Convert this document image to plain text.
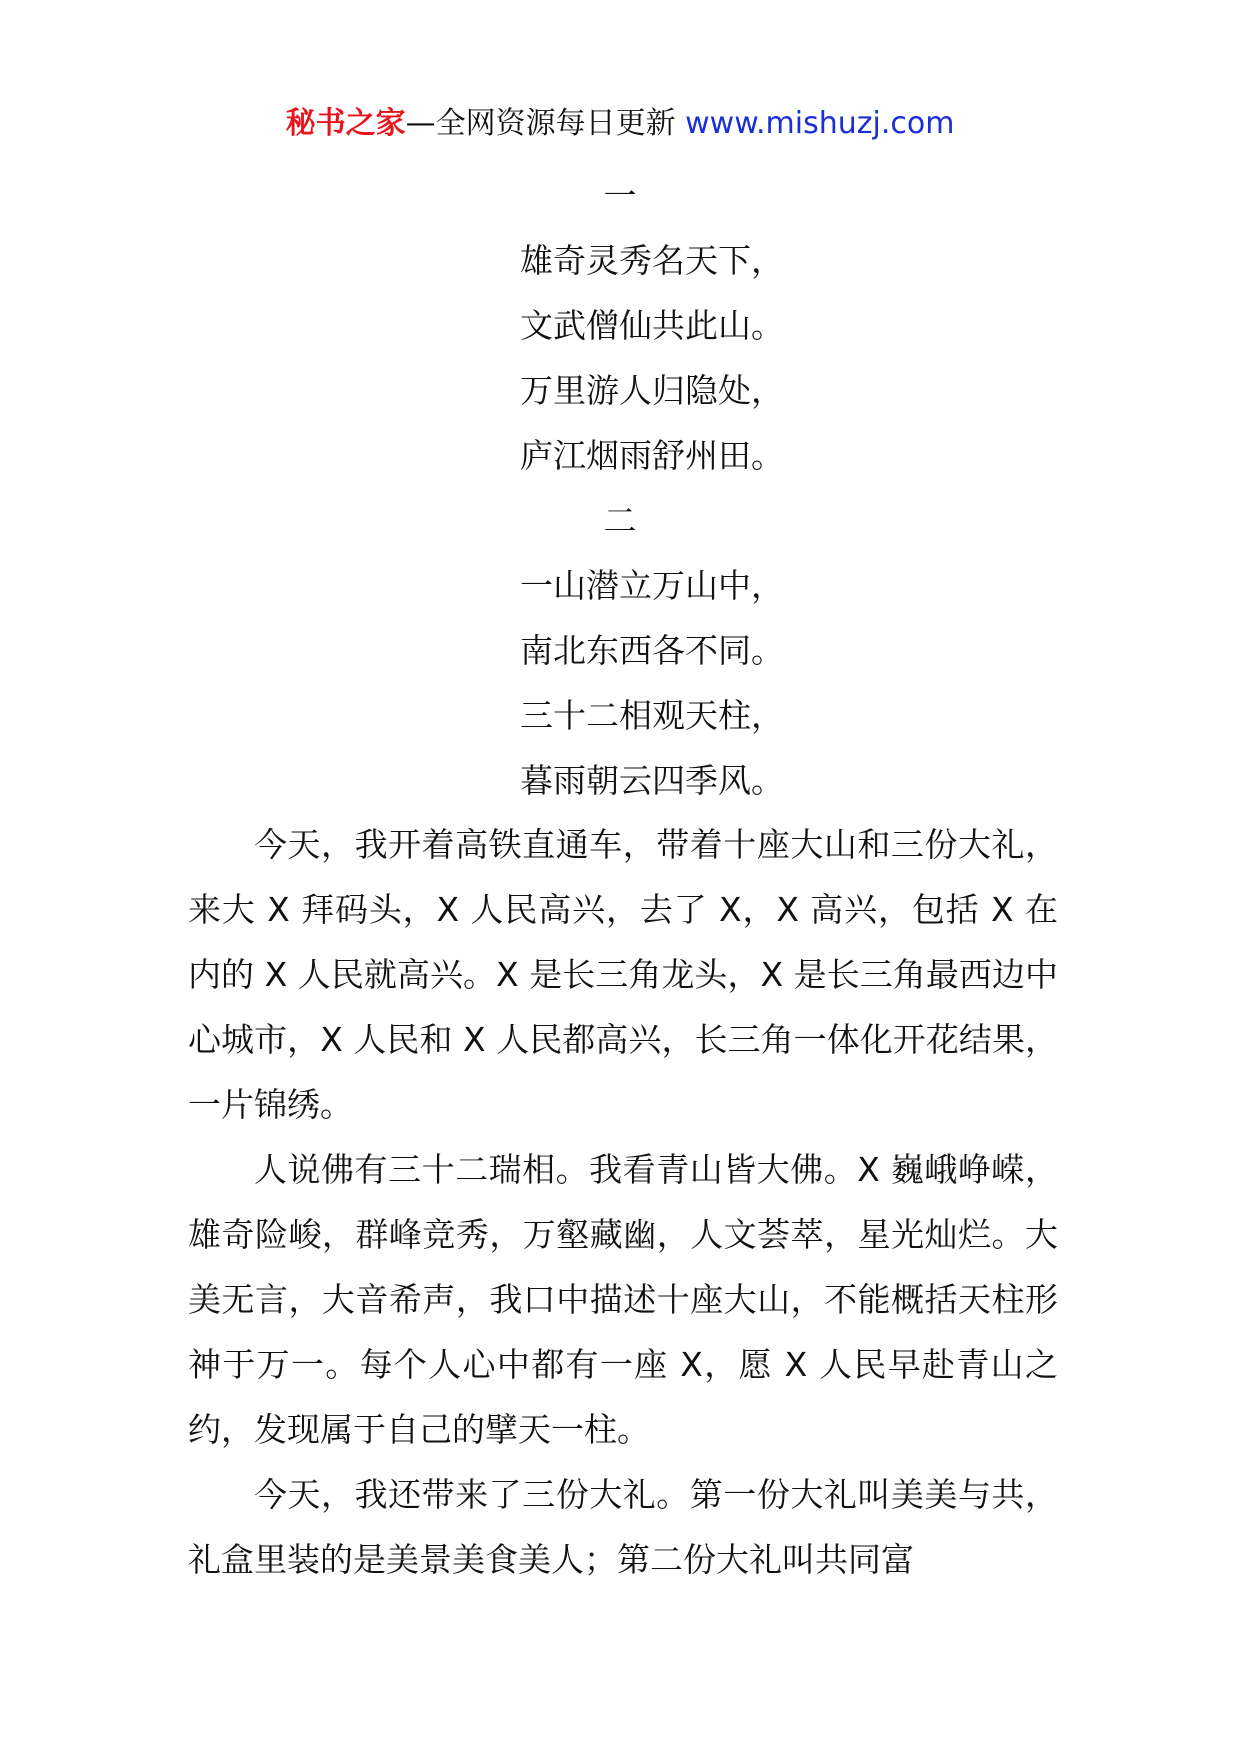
秘书之家—全网资源每日更新 www.mishuzj.com
一
雄奇灵秀名天下，
文武僧仙共此山。
万里游人归隐处，
庐江烟雨舒州田。
二
一山潜立万山中，
南北东西各不同。
三十二相观天柱，
暮雨朝云四季风。

今天，我开着高铁直通车，带着十座大山和三份大礼，来大 X 拜码头，X 人民高兴，去了 X，X 高兴，包括 X 在内的 X 人民就高兴。X 是长三角龙头，X 是长三角最西边中心城市，X 人民和 X 人民都高兴，长三角一体化开花结果，一片锦绣。

人说佛有三十二瑞相。我看青山皆大佛。X 巍峨峥嵘，雄奇险峻，群峰竞秀，万壑藏幽，人文荟萃，星光灿烂。大美无言，大音希声，我口中描述十座大山，不能概括天柱形神于万一。每个人心中都有一座 X，愿 X 人民早赴青山之约，发现属于自己的擘天一柱。

今天，我还带来了三份大礼。第一份大礼叫美美与共，礼盒里装的是美景美食美人；第二份大礼叫共同富
